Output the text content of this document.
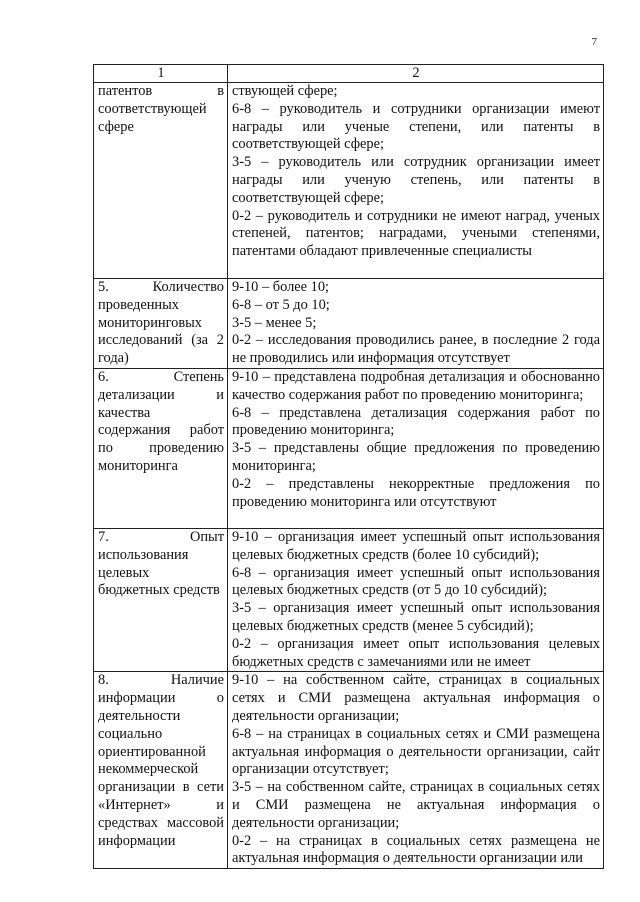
7
1	2
патентов в соответствующей сфере	ствующей сфере;

6-8 – руководитель и сотрудники организации имеют награды или ученые степени, или патенты в соответствующей сфере;

3-5 – руководитель или сотрудник организации имеет награды или ученую степень, или патенты в соответствующей сфере;

0-2 – руководитель и сотрудники не имеют наград, ученых степеней, патентов; наградами, учеными степенями, патентами обладают привлеченные специалисты

5. Количество проведенных мониторинговых исследований (за 2 года)	9-10 – более 10;

6-8 – от 5 до 10;

3-5 – менее 5;

0-2 – исследования проводились ранее, в последние 2 года не проводились или информация отсутствует

6. Степень детализации и качества содержания работ по проведению мониторинга	9-10 – представлена подробная детализация и обоснованно качество содержания работ по проведению мониторинга;

6-8 – представлена детализация содержания работ по проведению мониторинга;

3-5 – представлены общие предложения по проведению мониторинга;

0-2 – представлены некорректные предложения по проведению мониторинга или отсутствуют

7. Опыт использования целевых бюджетных средств	9-10 – организация имеет успешный опыт использования целевых бюджетных средств (более 10 субсидий);

6-8 – организация имеет успешный опыт использования целевых бюджетных средств (от 5 до 10 субсидий);

3-5 – организация имеет успешный опыт использования целевых бюджетных средств (менее 5 субсидий);

0-2 – организация имеет опыт использования целевых бюджетных средств с замечаниями или не имеет

8. Наличие информации о деятельности социально ориентированной некоммерческой организации в сети «Интернет» и средствах массовой информации	9-10 – на собственном сайте, страницах в социальных сетях и СМИ размещена актуальная информация о деятельности организации;

6-8 – на страницах в социальных сетях и СМИ размещена актуальная информация о деятельности организации, сайт организации отсутствует;

3-5 – на собственном сайте, страницах в социальных сетях и СМИ размещена не актуальная информация о деятельности организации;

0-2 – на страницах в социальных сетях размещена не актуальная информация о деятельности организации или
